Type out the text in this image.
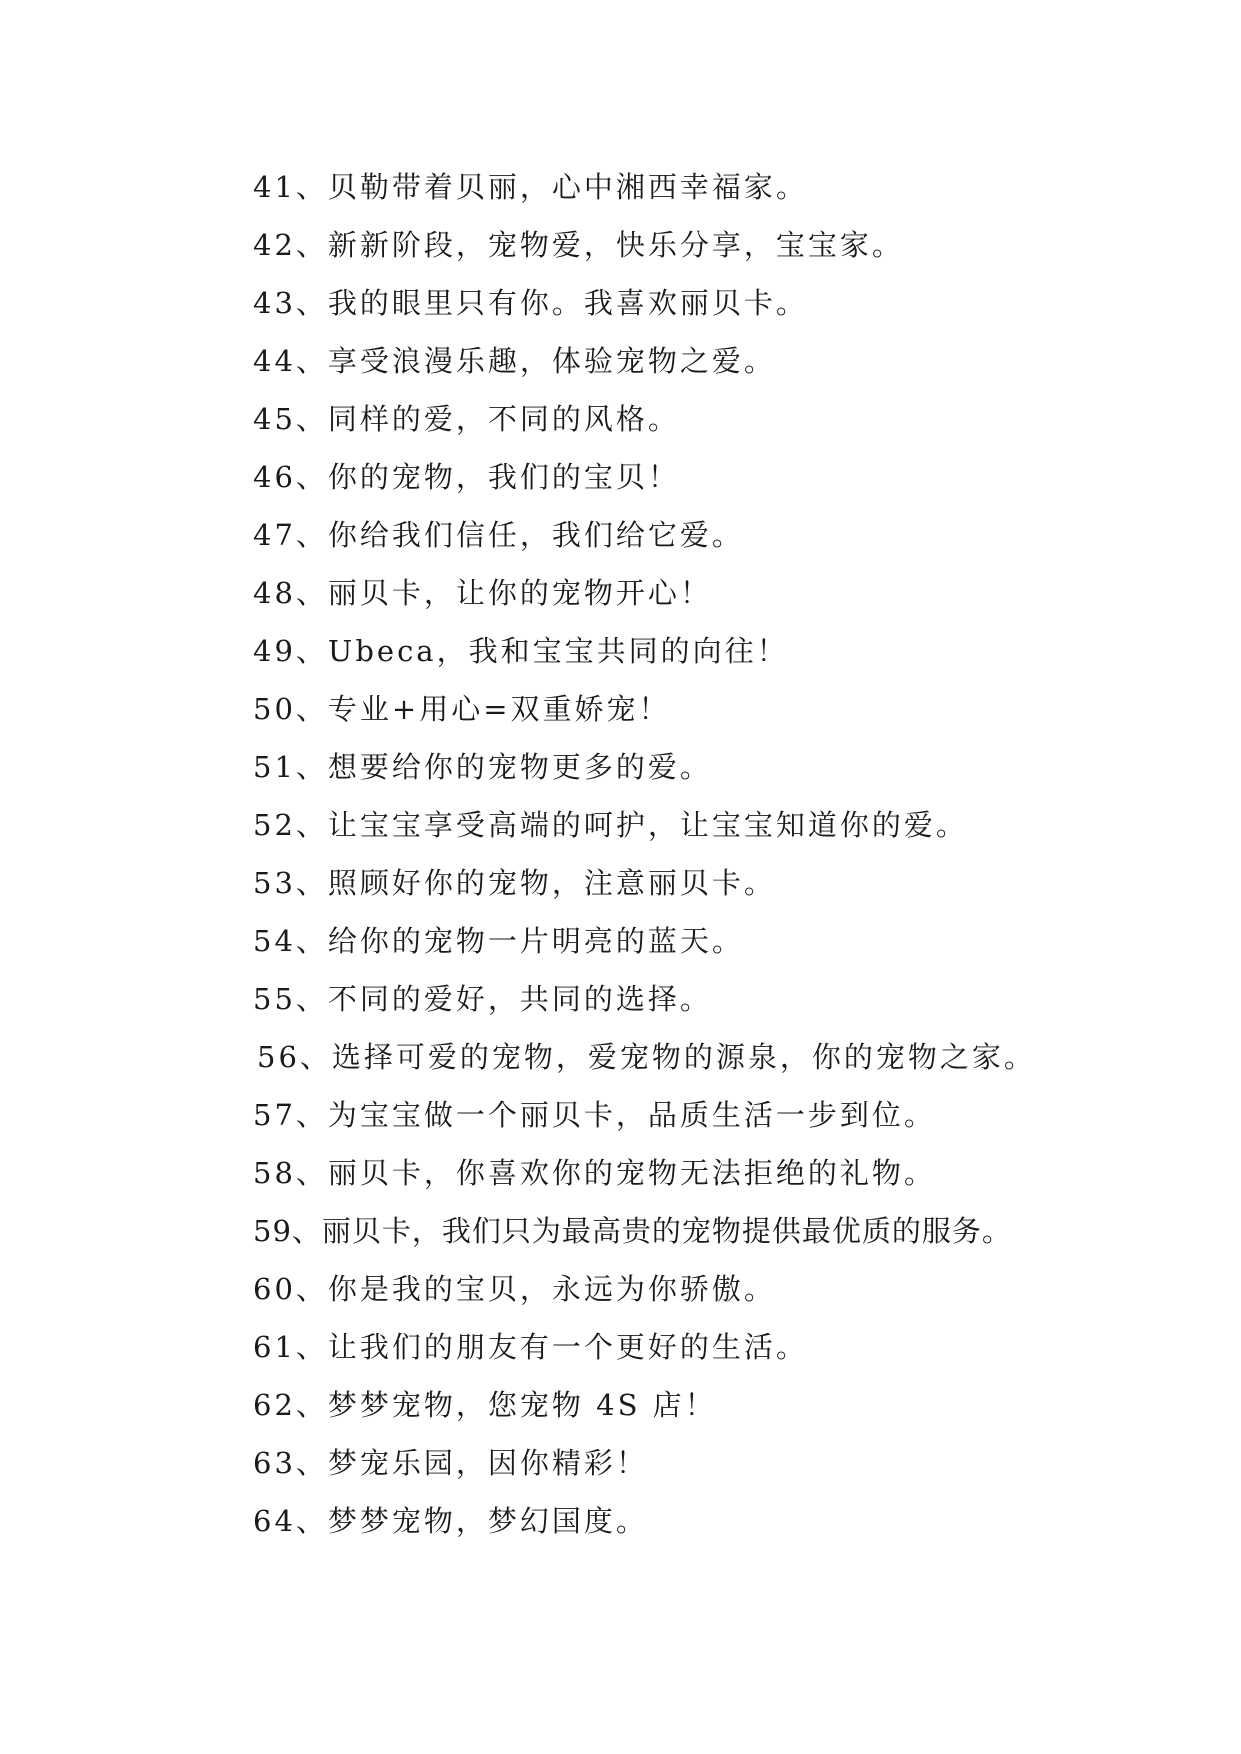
41、贝勒带着贝丽，心中湘西幸福家。
42、新新阶段，宠物爱，快乐分享，宝宝家。
43、我的眼里只有你。我喜欢丽贝卡。
44、享受浪漫乐趣，体验宠物之爱。
45、同样的爱，不同的风格。
46、你的宠物，我们的宝贝！
47、你给我们信任，我们给它爱。
48、丽贝卡，让你的宠物开心！
49、Ubeca，我和宝宝共同的向往！
50、专业+用心=双重娇宠！
51、想要给你的宠物更多的爱。
52、让宝宝享受高端的呵护，让宝宝知道你的爱。
53、照顾好你的宠物，注意丽贝卡。
54、给你的宠物一片明亮的蓝天。
55、不同的爱好，共同的选择。
56、选择可爱的宠物，爱宠物的源泉，你的宠物之家。
57、为宝宝做一个丽贝卡，品质生活一步到位。
58、丽贝卡，你喜欢你的宠物无法拒绝的礼物。
59、丽贝卡，我们只为最高贵的宠物提供最优质的服务。
60、你是我的宝贝，永远为你骄傲。
61、让我们的朋友有一个更好的生活。
62、梦梦宠物，您宠物 4S 店！
63、梦宠乐园，因你精彩！
64、梦梦宠物，梦幻国度。
